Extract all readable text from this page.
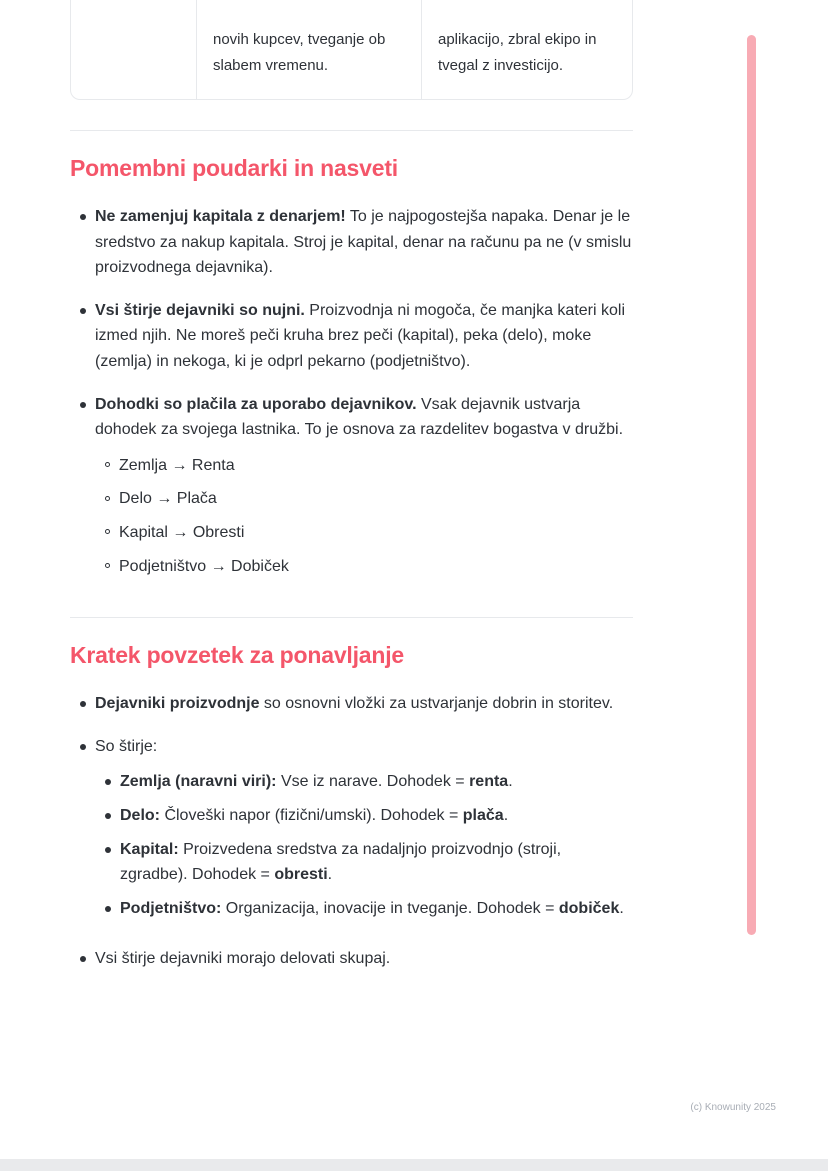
novih kupcev, tveganje ob slabem vremenu.
aplikacijo, zbral ekipo in tvegal z investicijo.
Pomembni poudarki in nasveti
Ne zamenjuj kapitala z denarjem! To je najpogostejša napaka. Denar je le sredstvo za nakup kapitala. Stroj je kapital, denar na računu pa ne (v smislu proizvodnega dejavnika).
Vsi štirje dejavniki so nujni. Proizvodnja ni mogoča, če manjka kateri koli izmed njih. Ne moreš peči kruha brez peči (kapital), peka (delo), moke (zemlja) in nekoga, ki je odprl pekarno (podjetništvo).
Dohodki so plačila za uporabo dejavnikov. Vsak dejavnik ustvarja dohodek za svojega lastnika. To je osnova za razdelitev bogastva v družbi.
Zemlja → Renta
Delo → Plača
Kapital → Obresti
Podjetništvo → Dobiček
Kratek povzetek za ponavljanje
Dejavniki proizvodnje so osnovni vložki za ustvarjanje dobrin in storitev.
So štirje:
Zemlja (naravni viri): Vse iz narave. Dohodek = renta.
Delo: Človeški napor (fizični/umski). Dohodek = plača.
Kapital: Proizvedena sredstva za nadaljnjo proizvodnjo (stroji, zgradbe). Dohodek = obresti.
Podjetništvo: Organizacija, inovacije in tveganje. Dohodek = dobiček.
Vsi štirje dejavniki morajo delovati skupaj.
(c) Knowunity 2025
